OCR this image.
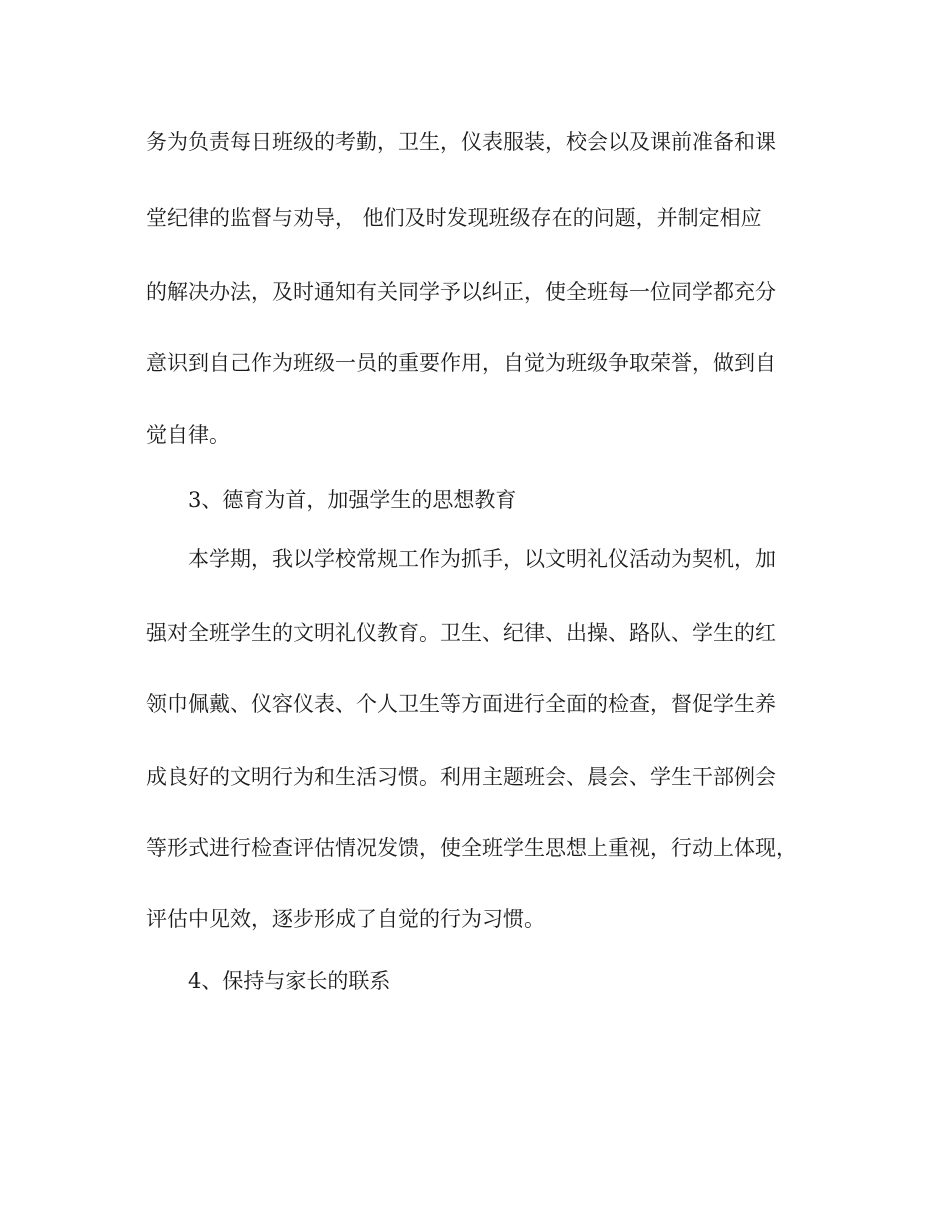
务为负责每日班级的考勤，卫生，仪表服装，校会以及课前准备和课
堂纪律的监督与劝导， 他们及时发现班级存在的问题，并制定相应
的解决办法，及时通知有关同学予以纠正，使全班每一位同学都充分
意识到自己作为班级一员的重要作用，自觉为班级争取荣誉，做到自
觉自律。
3、德育为首，加强学生的思想教育
本学期，我以学校常规工作为抓手，以文明礼仪活动为契机，加
强对全班学生的文明礼仪教育。卫生、纪律、出操、路队、学生的红
领巾佩戴、仪容仪表、个人卫生等方面进行全面的检查，督促学生养
成良好的文明行为和生活习惯。利用主题班会、晨会、学生干部例会
等形式进行检查评估情况发馈，使全班学生思想上重视，行动上体现，
评估中见效，逐步形成了自觉的行为习惯。
4、保持与家长的联系
